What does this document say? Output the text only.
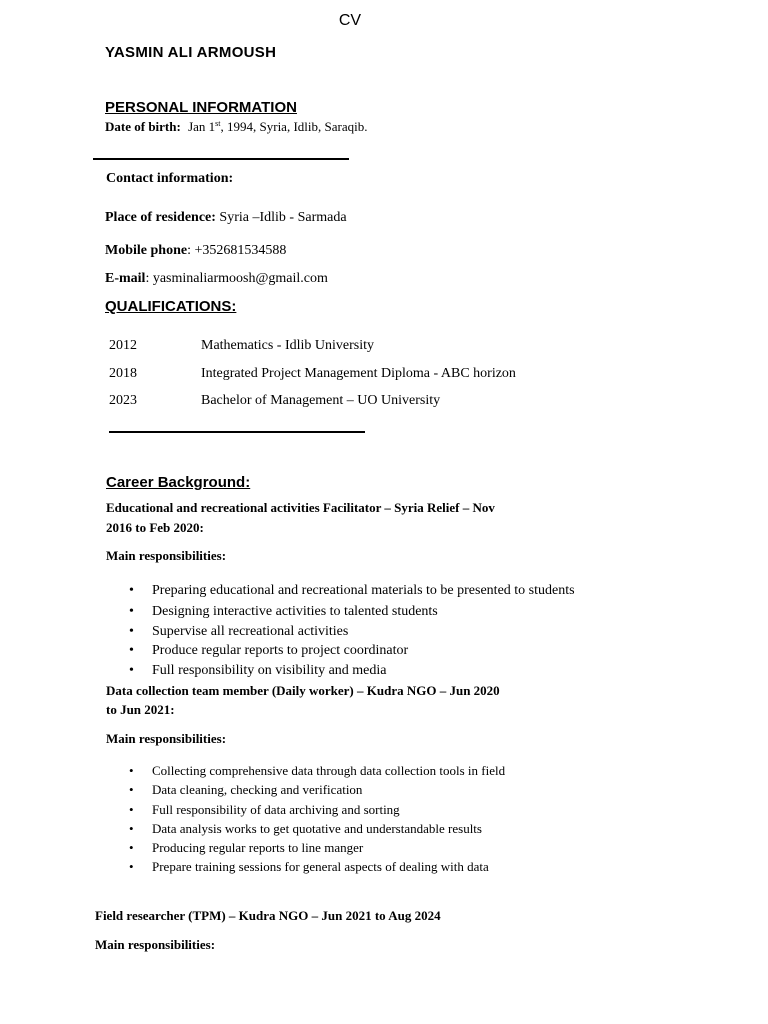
CV
YASMIN ALI ARMOUSH
PERSONAL INFORMATION
Date of birth: Jan 1st, 1994, Syria, Idlib, Saraqib.
Contact information:
Place of residence: Syria –Idlib - Sarmada
Mobile phone: +352681534588
E-mail: yasminaliarmoosh@gmail.com
QUALIFICATIONS:
2012	Mathematics - Idlib University
2018	Integrated Project Management Diploma - ABC horizon
2023	Bachelor of Management – UO University
Career Background:
Educational and recreational activities Facilitator – Syria Relief – Nov
2016 to Feb 2020:
Main responsibilities:
• Preparing educational and recreational materials to be presented to students
• Designing interactive activities to talented students
• Supervise all recreational activities
• Produce regular reports to project coordinator
• Full responsibility on visibility and media
Data collection team member (Daily worker) – Kudra NGO – Jun 2020
to Jun 2021:
Main responsibilities:
• Collecting comprehensive data through data collection tools in field
• Data cleaning, checking and verification
• Full responsibility of data archiving and sorting
• Data analysis works to get quotative and understandable results
• Producing regular reports to line manger
• Prepare training sessions for general aspects of dealing with data
Field researcher (TPM) – Kudra NGO – Jun 2021 to Aug 2024
Main responsibilities:
